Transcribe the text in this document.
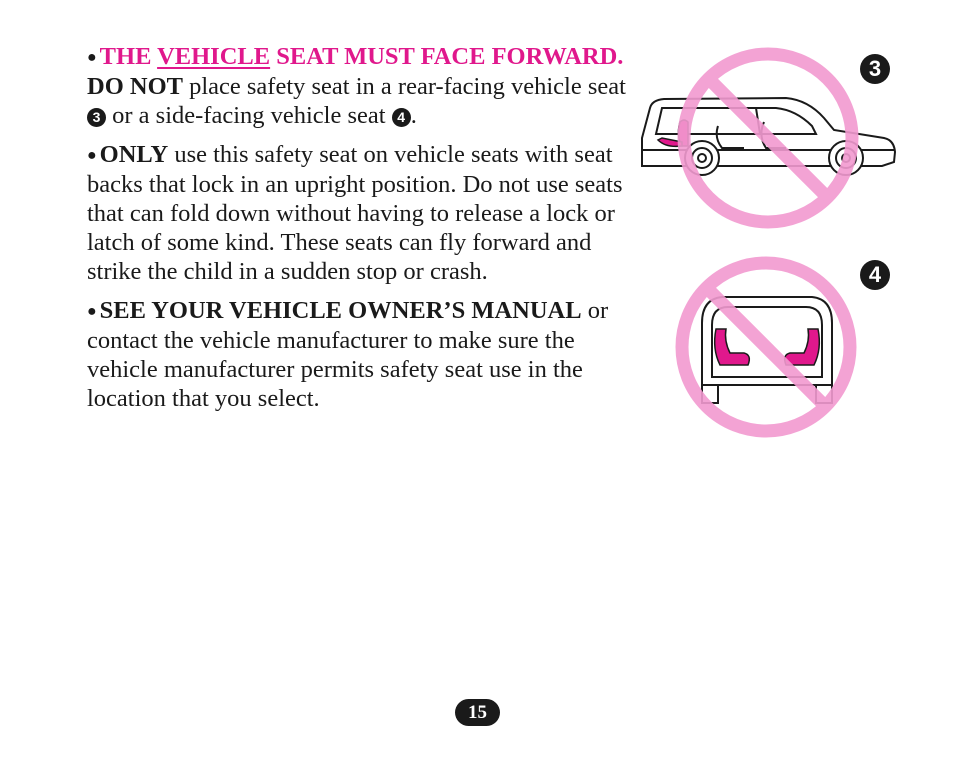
● THE VEHICLE SEAT MUST FACE FORWARD. DO NOT place safety seat in a rear-facing vehicle seat 3 or a side-facing vehicle seat 4 .

● ONLY use this safety seat on vehicle seats with seat backs that lock in an upright position. Do not use seats that can fold down without having to release a lock or latch of some kind. These seats can fly forward and strike the child in a sudden stop or crash.

● SEE YOUR VEHICLE OWNER’S MANUAL or contact the vehicle manufacturer to make sure the vehicle manufacturer permits safety seat use in the location that you select.

3
4
15
